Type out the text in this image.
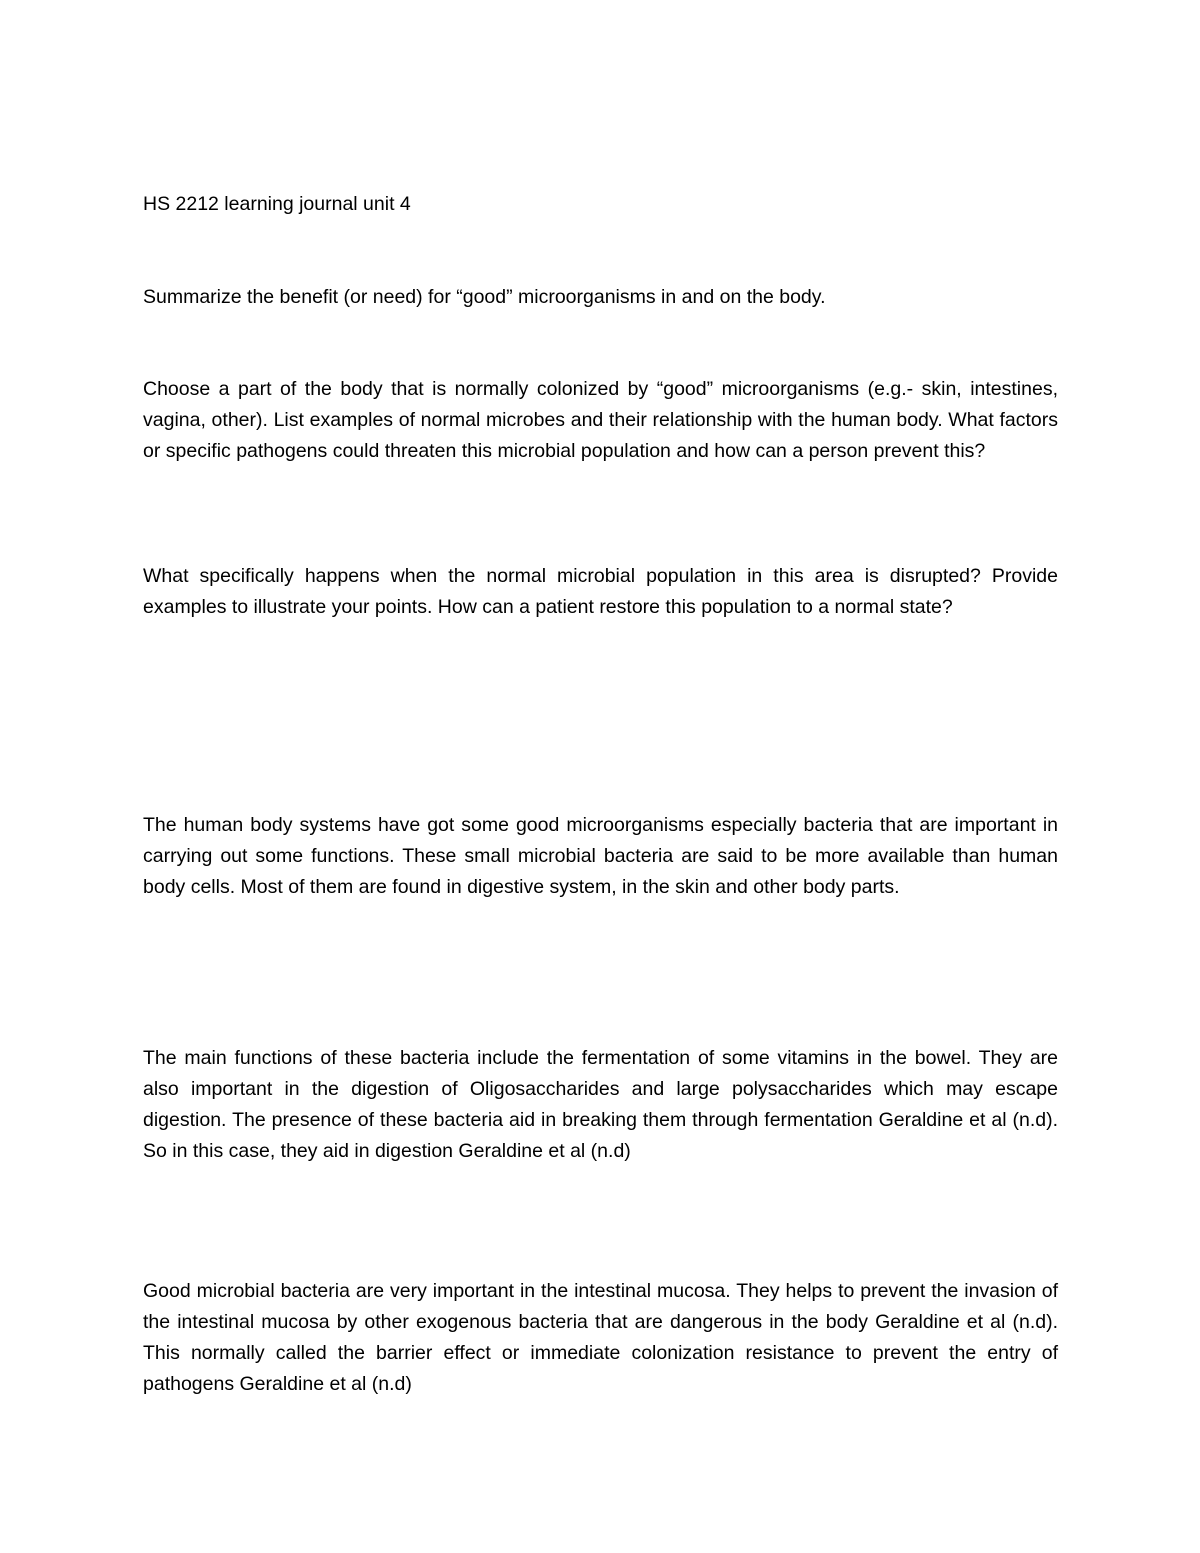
HS 2212 learning journal unit 4

Summarize the benefit (or need) for “good” microorganisms in and on the body.

Choose a part of the body that is normally colonized by “good” microorganisms (e.g.- skin, intestines, vagina, other). List examples of normal microbes and their relationship with the human body. What factors or specific pathogens could threaten this microbial population and how can a person prevent this?

What specifically happens when the normal microbial population in this area is disrupted? Provide examples to illustrate your points. How can a patient restore this population to a normal state?

The human body systems have got some good microorganisms especially bacteria that are important in carrying out some functions. These small microbial bacteria are said to be more available than human body cells. Most of them are found in digestive system, in the skin and other body parts.

The main functions of these bacteria include the fermentation of some vitamins in the bowel. They are also important in the digestion of Oligosaccharides and large polysaccharides which may escape digestion. The presence of these bacteria aid in breaking them through fermentation Geraldine et al (n.d). So in this case, they aid in digestion Geraldine et al (n.d)

Good microbial bacteria are very important in the intestinal mucosa. They helps to prevent the invasion of the intestinal mucosa by other exogenous bacteria that are dangerous in the body Geraldine et al (n.d). This normally called the barrier effect or immediate colonization resistance to prevent the entry of pathogens Geraldine et al (n.d)
